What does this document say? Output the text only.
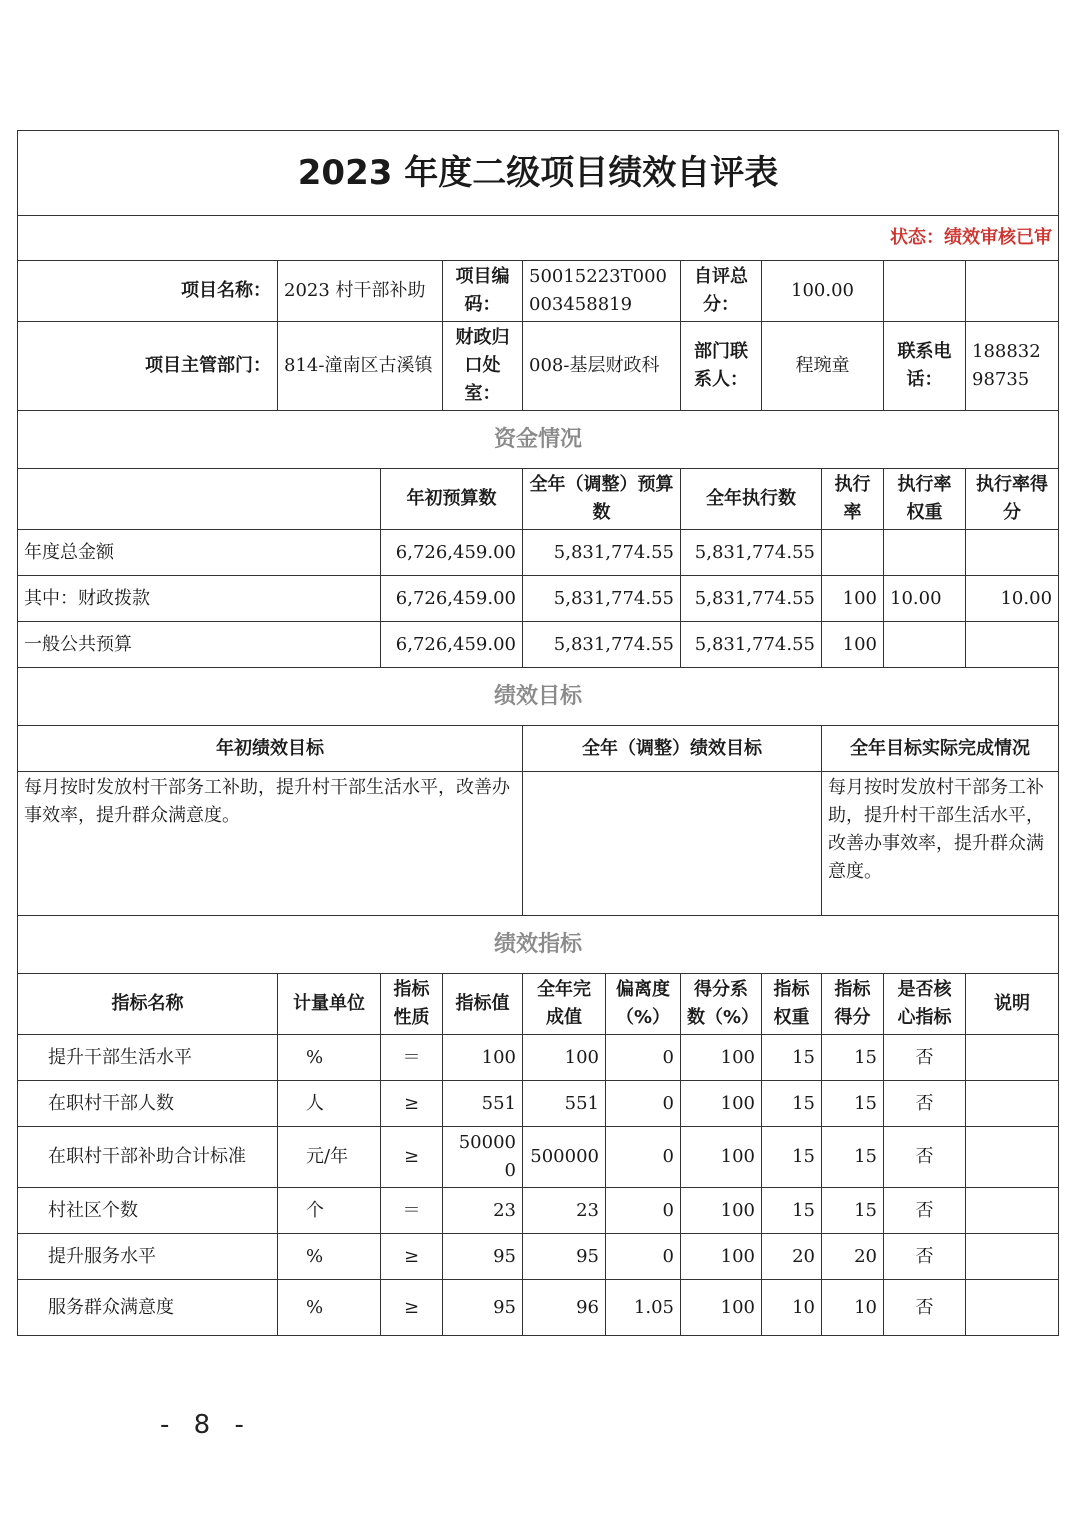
2023 年度二级项目绩效自评表										
状态：绩效审核已审										
项目名称：	2023 村干部补助		项目编码：	50015223T000003458819		自评总分：	100.00			
项目主管部门：	814-潼南区古溪镇		财政归口处室：	008-基层财政科		部门联系人：	程琬童		联系电话：	18883298735
资金情况										
		年初预算数		全年（调整）预算数		全年执行数		执行率	执行率权重	执行率得分
年度总金额		6,726,459.00		5,831,774.55		5,831,774.55				
其中：财政拨款		6,726,459.00		5,831,774.55		5,831,774.55		100	10.00	10.00
一般公共预算		6,726,459.00		5,831,774.55		5,831,774.55		100		
绩效目标										
年初绩效目标				全年（调整）绩效目标				全年目标实际完成情况		
每月按时发放村干部务工补助，提升村干部生活水平，改善办事效率，提升群众满意度。								每月按时发放村干部务工补助，提升村干部生活水平，改善办事效率，提升群众满意度。		
绩效指标										
指标名称	计量单位	指标性质	指标值	全年完成值	偏离度（%）	得分系数（%）	指标权重	指标得分	是否核心指标	说明
提升干部生活水平	%	＝	100	100	0	100	15	15	否	
在职村干部人数	人	≥	551	551	0	100	15	15	否	
在职村干部补助合计标准	元/年	≥	500000	500000	0	100	15	15	否	
村社区个数	个	＝	23	23	0	100	15	15	否	
提升服务水平	%	≥	95	95	0	100	20	20	否	
服务群众满意度	%	≥	95	96	1.05	100	10	10	否	
- 8 -
